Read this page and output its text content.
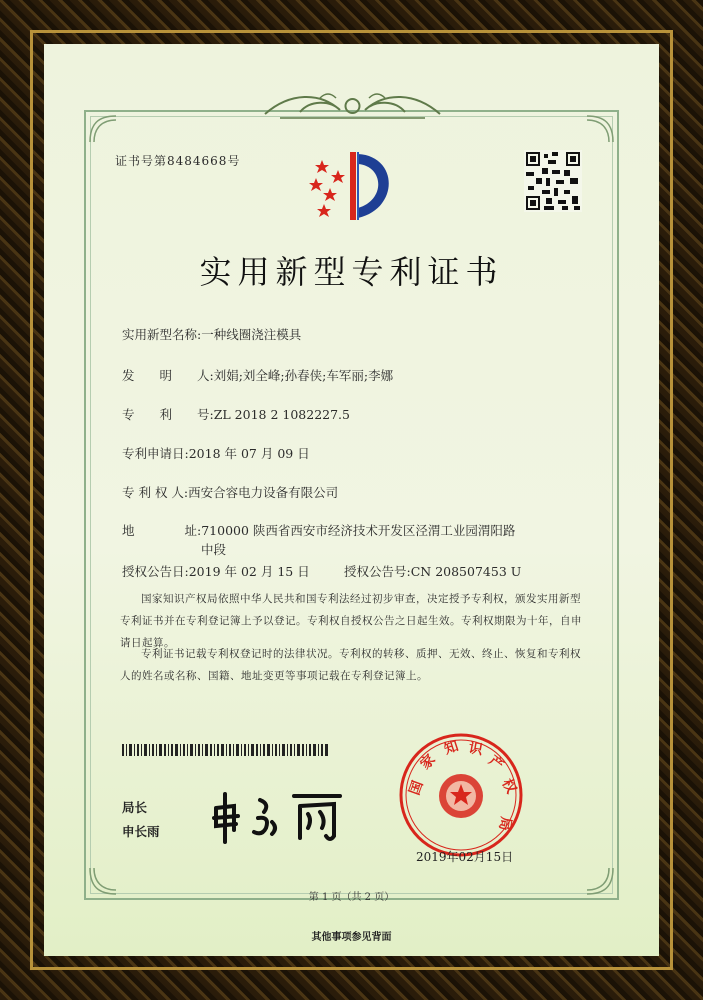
证书号第8484668号
实用新型专利证书
实用新型名称:一种线圈浇注模具
发　　明　　人:刘娟;刘全峰;孙春侠;车军丽;李娜
专　　利　　号:ZL 2018 2 1082227.5
专利申请日:2018 年 07 月 09 日
专 利 权 人:西安合容电力设备有限公司
地　　　　址:710000 陕西省西安市经济技术开发区泾渭工业园渭阳路
中段
授权公告日:2019 年 02 月 15 日	授权公告号:CN 208507453 U
国家知识产权局依照中华人民共和国专利法经过初步审查，决定授予专利权，颁发实用新型专利证书并在专利登记簿上予以登记。专利权自授权公告之日起生效。专利权期限为十年，自申请日起算。
专利证书记载专利权登记时的法律状况。专利权的转移、质押、无效、终止、恢复和专利权人的姓名或名称、国籍、地址变更等事项记载在专利登记簿上。
局长
申长雨
国
家
知 识
产
权
局
2019年02月15日
第 1 页（共 2 页）
其他事项参见背面
